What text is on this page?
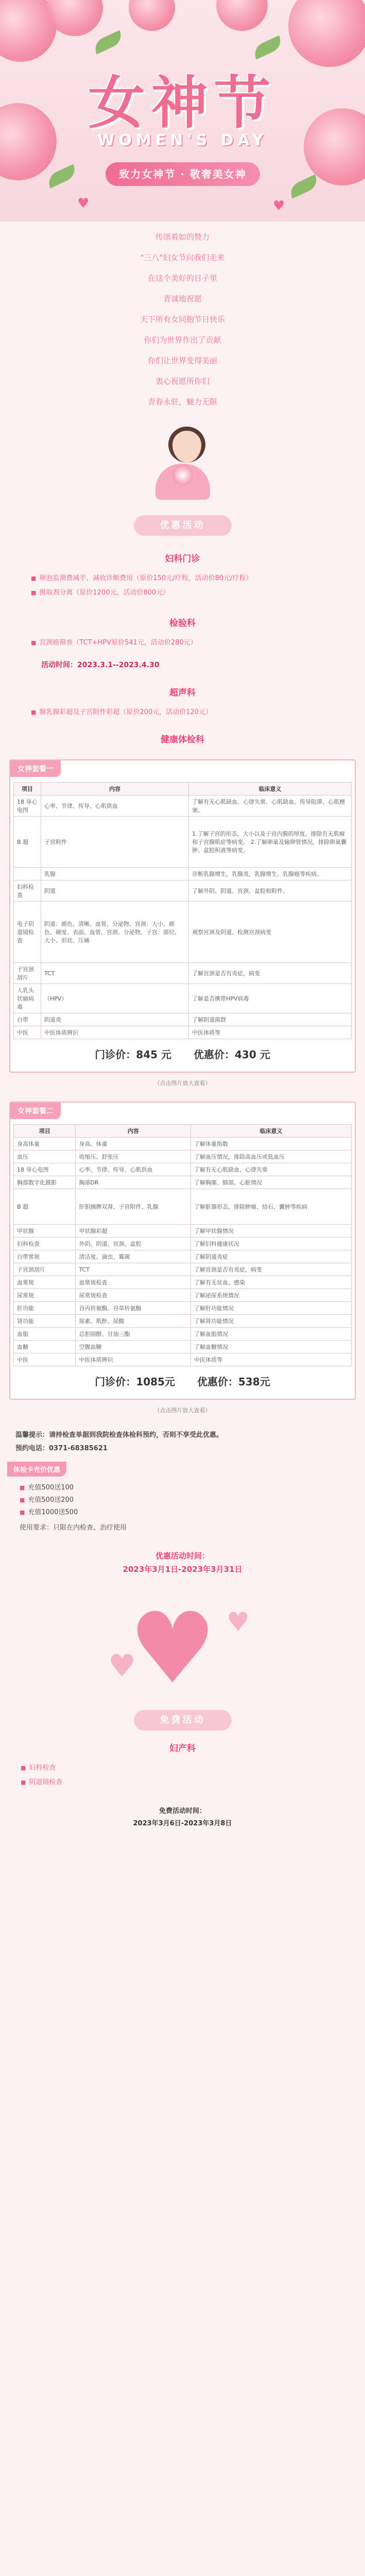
女神节
WOMEN'S DAY
致力女神节 · 敬奢美女神
♥	♥

传颂着如的赞力

"三八"妇女节向我们走来

在这个美好的日子里

青诚地祝愿

天下所有女同胞节日快乐

你们为世界作出了贡献

你们让世界变得美丽

衷心祝愿所你们

青春永驻，魅力无限

优惠活动
妇科门诊
■ 卵泡监测费减半，减收诊断费用（原价150元/疗程，活动价80元/疗程）
■ 摄取剂分离（原价1200元，活动价800元）
检验科
■ 宫颈癌筛查（TCT+HPV原价541元，活动价280元）
活动时间：2023.3.1--2023.4.30
超声科
■ 腺乳腺彩超及子宫附件彩超（原价200元，活动价120元）
健康体检科
女神套餐一
项目	内容	临床意义
18 导心电图	心率、节律、传导、心肌供血	了解有无心肌缺血、心律失常、心肌缺血、传导阻滞、心肌梗塞。
B 超	子宫附件	1.了解子宫的形态，大小以及子宫内膜的厚度，排除有无肌瘤和子宫腺肌症等病变。 2.了解卵巢及输卵管情况，排除卵巢囊肿、盆腔积液等病变。
	乳腺	诊断乳腺增生，乳腺炎，乳腺增生、乳腺癌等疾病。
妇科检查	阴道	了解外阴、阴道、宫颈、盆腔和附件。
电子阴道镜检查	阴道：颜色、清晰、血管、分泌物、宫颈：大小、颜色、硬度、表面、血管、宫颈、分泌物、子宫：部位、大小、形状、压痛	观察宫颈及阴道、检测宫颈病变
子宫颈刮片	TCT	了解宫颈是否有炎症，病变
人乳头状瘤病毒	（HPV）	了解是否携带HPV病毒
白带	阴道炎	了解阴道菌群
中医	中医体质辨识	中医体质等
门诊价：845 元 优惠价：430 元
（点击图片放大查看）
女神套餐二
项目	内容	临床意义
身高体重	身高、体重	了解体重指数
血压	收缩压、舒张压	了解血压情况，排除高血压或低血压
18 导心电图	心率、节律、传导、心肌供血	了解有无心肌缺血、心律失常
胸部数字化摄影	胸部DR	了解胸廓、肺部、心脏情况
B 超	肝胆胰脾双肾、子宫附件、乳腺	了解脏器形态，排除肿瘤、结石、囊肿等疾病
甲状腺	甲状腺彩超	了解甲状腺情况
妇科检查	外阴、阴道、宫颈、盆腔	了解妇科健康状况
白带常规	清洁度、滴虫、霉菌	了解阴道炎症
子宫颈刮片	TCT	了解宫颈是否有炎症，病变
血常规	血常规检查	了解有无贫血、感染
尿常规	尿常规检查	了解泌尿系统情况
肝功能	谷丙转氨酶、谷草转氨酶	了解肝功能情况
肾功能	尿素、肌酐、尿酸	了解肾功能情况
血脂	总胆固醇、甘油三酯	了解血脂情况
血糖	空腹血糖	了解血糖情况
中医	中医体质辨识	中医体质等
门诊价：1085元 优惠价：538元
（点击图片放大查看）
温馨提示：请持检查单据到我院检查体检科预约，否则不享受此优惠。
预约电话：0371-68385621
体检卡充价优惠
■ 充值500送100
■ 充值500送200
■ 充值1000送500
使用要求：只限在内检查、治疗使用
优惠活动时间：
2023年3月1日-2023年3月31日
♥
♥
♥
免费活动
妇产科
■ 妇科检查
■ 阴道镜检查
免费活动时间：
2023年3月6日-2023年3月8日
